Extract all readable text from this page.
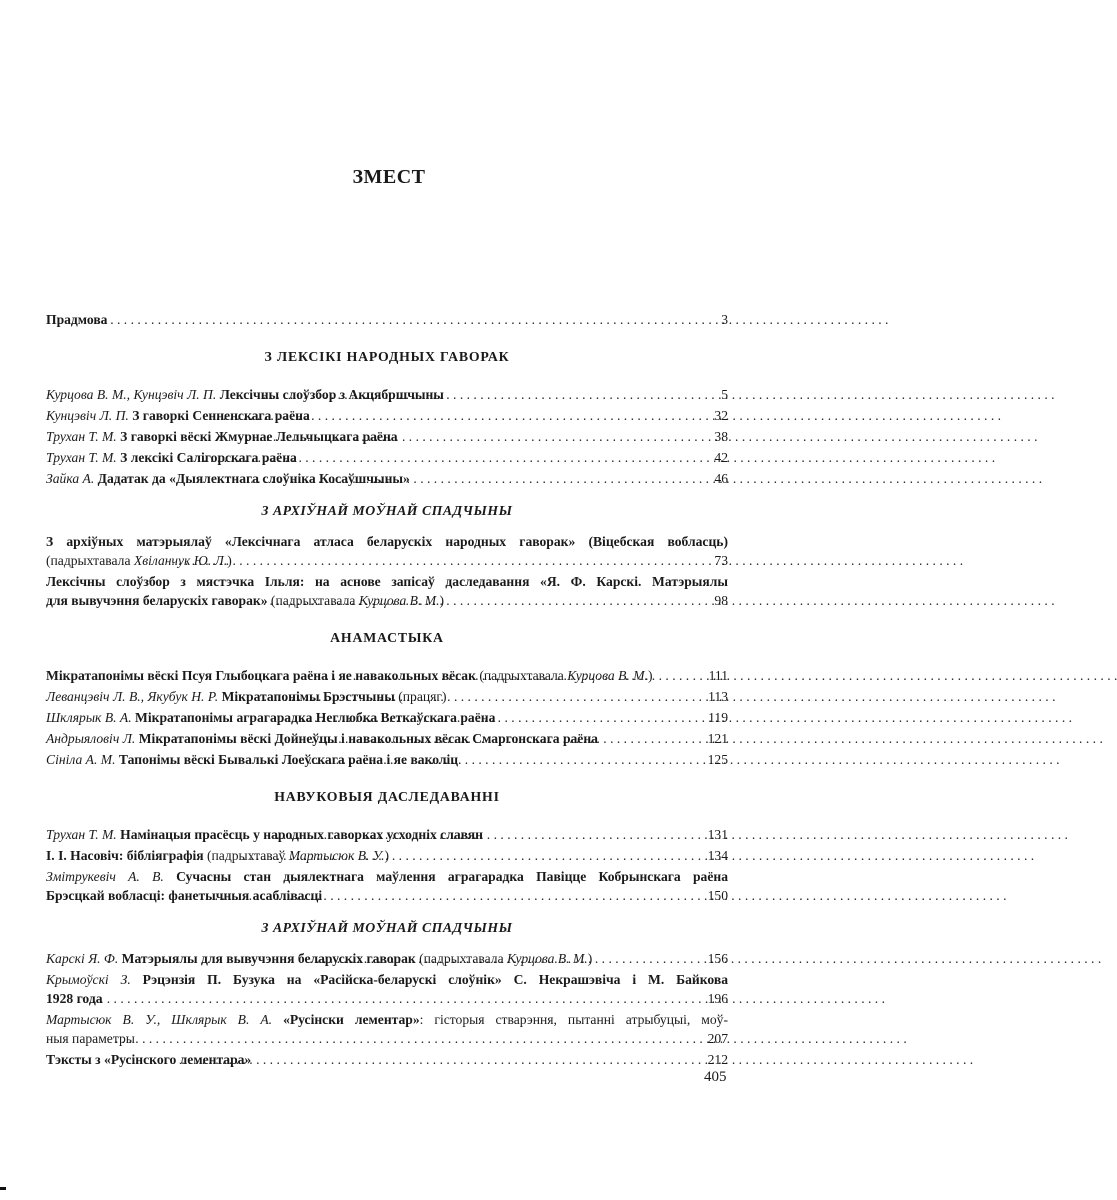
ЗМЕСТ
Прадмова . . .	3
З ЛЕКСІКІ НАРОДНЫХ ГАВОРАК
Курцова В. М., Кунцэвіч Л. П. Лексічны слоўзбор з Акцябршчыны . . .	5
Кунцэвіч Л. П. З гаворкі Сенненскага раёна . . .	32
Трухан Т. М. З гаворкі вёскі Жмурнае Лельчыцкага раёна . . .	38
Трухан Т. М. З лексікі Салігорскага раёна . . .	42
Зайка А. Дадатак да «Дыялектнага слоўніка Косаўшчыны» . . .	46
З АРХІЎНАЙ МОЎНАЙ СПАДЧЫНЫ
З архіўных матэрыялаў «Лексічнага атласа беларускіх народных гаворак» (Віцебская вобласць)
(падрыхтавала Хвіланчук Ю. Л.) . . .	73
Лексічны слоўзбор з мястэчка Ільля: на аснове запісаў даследавання «Я. Ф. Карскі. Матэрыялы
для вывучэння беларускіх гаворак» (падрыхтавала Курцова В. М.) . . .	98
АНАМАСТЫКА
Мікратапонімы вёскі Псуя Глыбоцкага раёна і яе навакольных вёсак (падрыхтавала Курцова В. М.) . . .	111
Леванцэвіч Л. В., Якубук Н. Р. Мікратапонімы Брэстчыны (працяг) . . .	113
Шклярык В. А. Мікратапонімы аграгарадка Неглюбка Веткаўскага раёна . . .	119
Андрыяловіч Л. Мікратапонімы вёскі Дойнеўцы і навакольных вёсак Смаргонскага раёна . . .	121
Сініла А. М. Тапонімы вёскі Бывалькі Лоеўскага раёна і яе ваколіц . . .	125
НАВУКОВЫЯ ДАСЛЕДАВАННІ
Трухан Т. М. Намінацыя прасёсць у народных гаворках усходніх славян . . .	131
І. І. Насовіч: бібліяграфія (падрыхтаваў Мартысюк В. У.) . . .	134
Змітрукевіч А. В. Сучасны стан дыялектнага маўлення аграгарадка Павіцце Кобрынскага раёна
Брэсцкай вобласці: фанетычныя асаблівасці . . .	150
З АРХІЎНАЙ МОЎНАЙ СПАДЧЫНЫ
Карскі Я. Ф. Матэрыялы для вывучэння беларускіх гаворак (падрыхтавала Курцова В. М.) . . .	156
Крымоўскі З. Рэцэнзія П. Бузука на «Расійска-беларускі слоўнік» С. Некрашэвіча і М. Байкова
1928 года . . .	196
Мартысюк В. У., Шклярык В. А. «Русінски лементар»: гісторыя стварэння, пытанні атрыбуцыі, моў-
ныя параметры . . .	207
Тэксты з «Русінского лементара» . . .	212
405
